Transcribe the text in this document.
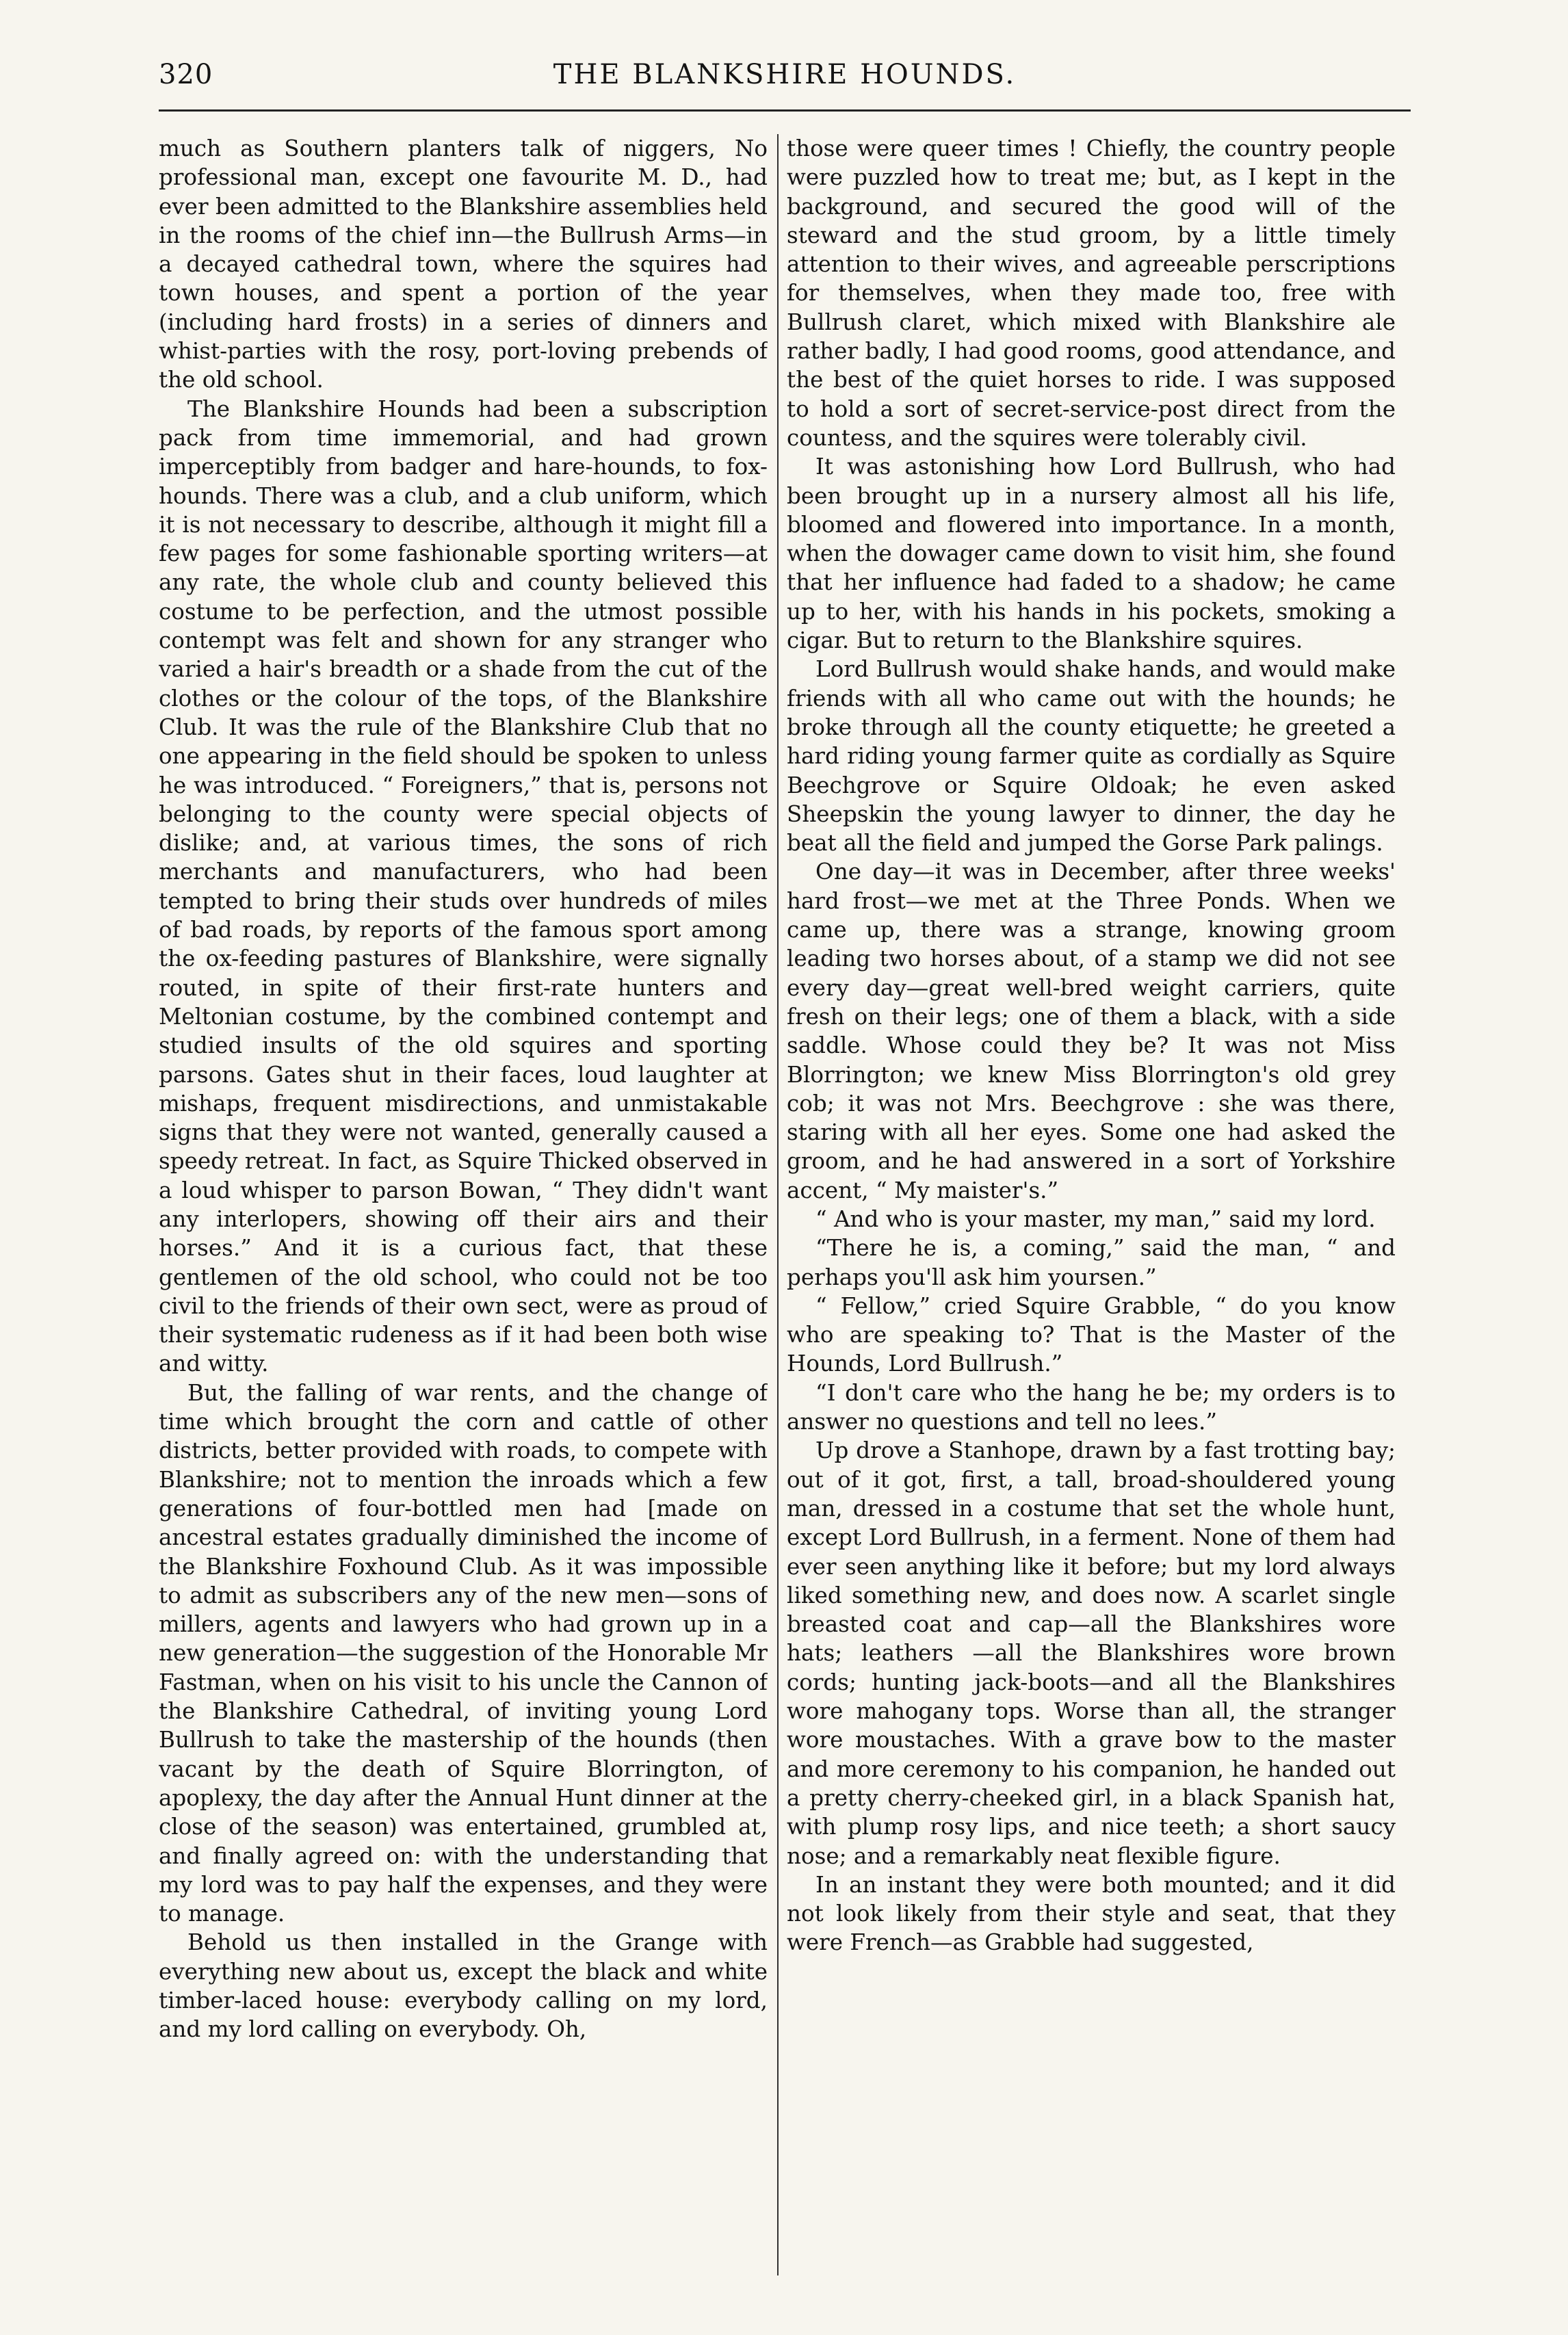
320	THE BLANKSHIRE HOUNDS.

much as Southern planters talk of niggers, No professional man, except one favourite M. D., had ever been admitted to the Blankshire assemblies held in the rooms of the chief inn—the Bullrush Arms—in a decayed cathedral town, where the squires had town houses, and spent a portion of the year (including hard frosts) in a series of dinners and whist-parties with the rosy, port-loving prebends of the old school.

The Blankshire Hounds had been a subscription pack from time immemorial, and had grown imperceptibly from badger and hare-hounds, to fox-hounds. There was a club, and a club uniform, which it is not necessary to describe, although it might fill a few pages for some fashionable sporting writers—at any rate, the whole club and county believed this costume to be perfection, and the utmost possible contempt was felt and shown for any stranger who varied a hair's breadth or a shade from the cut of the clothes or the colour of the tops, of the Blankshire Club. It was the rule of the Blankshire Club that no one appearing in the field should be spoken to unless he was introduced. “ Foreigners,” that is, persons not belonging to the county were special objects of dislike; and, at various times, the sons of rich merchants and manufacturers, who had been tempted to bring their studs over hundreds of miles of bad roads, by reports of the famous sport among the ox-feeding pastures of Blankshire, were signally routed, in spite of their first-rate hunters and Meltonian costume, by the combined contempt and studied insults of the old squires and sporting parsons. Gates shut in their faces, loud laughter at mishaps, frequent misdirections, and unmistakable signs that they were not wanted, generally caused a speedy retreat. In fact, as Squire Thicked observed in a loud whisper to parson Bowan, “ They didn't want any interlopers, showing off their airs and their horses.” And it is a curious fact, that these gentlemen of the old school, who could not be too civil to the friends of their own sect, were as proud of their systematic rudeness as if it had been both wise and witty.

But, the falling of war rents, and the change of time which brought the corn and cattle of other districts, better provided with roads, to compete with Blankshire; not to mention the inroads which a few generations of four-bottled men had [made on ancestral estates gradually diminished the income of the Blankshire Foxhound Club. As it was impossible to admit as subscribers any of the new men—sons of millers, agents and lawyers who had grown up in a new generation—the suggestion of the Honorable Mr Fastman, when on his visit to his uncle the Cannon of the Blankshire Cathedral, of inviting young Lord Bullrush to take the mastership of the hounds (then vacant by the death of Squire Blorrington, of apoplexy, the day after the Annual Hunt dinner at the close of the season) was entertained, grumbled at, and finally agreed on: with the understanding that my lord was to pay half the expenses, and they were to manage.

Behold us then installed in the Grange with everything new about us, except the black and white timber-laced house: everybody calling on my lord, and my lord calling on everybody. Oh,

those were queer times ! Chiefly, the country people were puzzled how to treat me; but, as I kept in the background, and secured the good will of the steward and the stud groom, by a little timely attention to their wives, and agreeable perscriptions for themselves, when they made too, free with Bullrush claret, which mixed with Blankshire ale rather badly, I had good rooms, good attendance, and the best of the quiet horses to ride. I was supposed to hold a sort of secret-service-post direct from the countess, and the squires were tolerably civil.

It was astonishing how Lord Bullrush, who had been brought up in a nursery almost all his life, bloomed and flowered into importance. In a month, when the dowager came down to visit him, she found that her influence had faded to a shadow; he came up to her, with his hands in his pockets, smoking a cigar. But to return to the Blankshire squires.

Lord Bullrush would shake hands, and would make friends with all who came out with the hounds; he broke through all the county etiquette; he greeted a hard riding young farmer quite as cordially as Squire Beechgrove or Squire Oldoak; he even asked Sheepskin the young lawyer to dinner, the day he beat all the field and jumped the Gorse Park palings.

One day—it was in December, after three weeks' hard frost—we met at the Three Ponds. When we came up, there was a strange, knowing groom leading two horses about, of a stamp we did not see every day—great well-bred weight carriers, quite fresh on their legs; one of them a black, with a side saddle. Whose could they be? It was not Miss Blorrington; we knew Miss Blorrington's old grey cob; it was not Mrs. Beechgrove : she was there, staring with all her eyes. Some one had asked the groom, and he had answered in a sort of Yorkshire accent, “ My maister's.”

“ And who is your master, my man,” said my lord.

“There he is, a coming,” said the man, “ and perhaps you'll ask him yoursen.”

“ Fellow,” cried Squire Grabble, “ do you know who are speaking to? That is the Master of the Hounds, Lord Bullrush.”

“I don't care who the hang he be; my orders is to answer no questions and tell no lees.”

Up drove a Stanhope, drawn by a fast trotting bay; out of it got, first, a tall, broad-shouldered young man, dressed in a costume that set the whole hunt, except Lord Bullrush, in a ferment. None of them had ever seen anything like it before; but my lord always liked something new, and does now. A scarlet single breasted coat and cap—all the Blankshires wore hats; leathers —all the Blankshires wore brown cords; hunting jack-boots—and all the Blankshires wore mahogany tops. Worse than all, the stranger wore moustaches. With a grave bow to the master and more ceremony to his companion, he handed out a pretty cherry-cheeked girl, in a black Spanish hat, with plump rosy lips, and nice teeth; a short saucy nose; and a remarkably neat flexible figure.

In an instant they were both mounted; and it did not look likely from their style and seat, that they were French—as Grabble had suggested,
